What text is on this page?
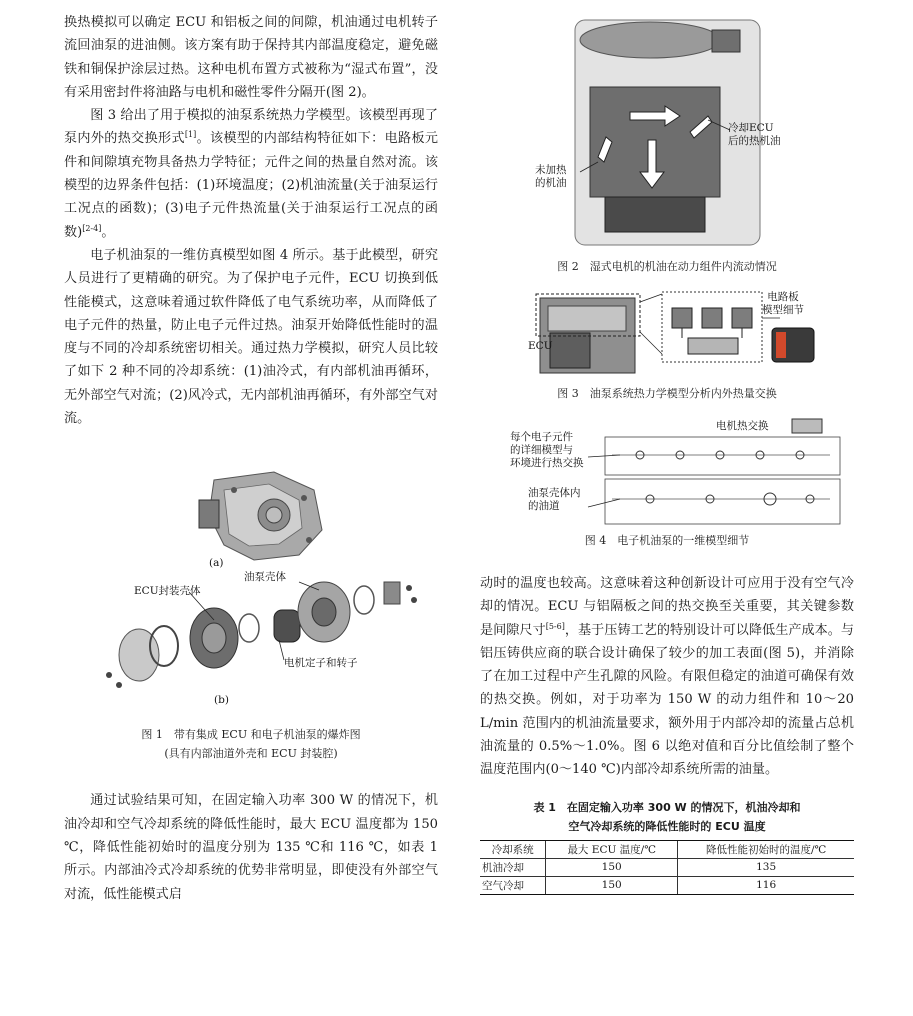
换热模拟可以确定 ECU 和铝板之间的间隙，机油通过电机转子流回油泵的进油侧。该方案有助于保持其内部温度稳定，避免磁铁和铜保护涂层过热。这种电机布置方式被称为“湿式布置”，没有采用密封件将油路与电机和磁性零件分隔开(图 2)。

图 3 给出了用于模拟的油泵系统热力学模型。该模型再现了泵内外的热交换形式[1]。该模型的内部结构特征如下：电路板元件和间隙填充物具备热力学特征；元件之间的热量自然对流。该模型的边界条件包括：(1)环境温度；(2)机油流量(关于油泵运行工况点的函数)；(3)电子元件热流量(关于油泵运行工况点的函数)[2-4]。

电子机油泵的一维仿真模型如图 4 所示。基于此模型，研究人员进行了更精确的研究。为了保护电子元件，ECU 切换到低性能模式，这意味着通过软件降低了电气系统功率，从而降低了电子元件的热量，防止电子元件过热。油泵开始降低性能时的温度与不同的冷却系统密切相关。通过热力学模拟，研究人员比较了如下 2 种不同的冷却系统：(1)油冷式，有内部机油再循环，无外部空气对流；(2)风冷式，无内部机油再循环，有外部空气对流。

(a)
油泵壳体
ECU封装壳体
电机定子和转子
(b)
图 1　带有集成 ECU 和电子机油泵的爆炸图
(具有内部油道外壳和 ECU 封装腔)

通过试验结果可知，在固定输入功率 300 W 的情况下，机油冷却和空气冷却系统的降低性能时，最大 ECU 温度都为 150 ℃，降低性能初始时的温度分别为 135 ℃和 116 ℃，如表 1 所示。内部油冷式冷却系统的优势非常明显，即使没有外部空气对流，低性能模式启

冷却ECU
后的热机油
未加热
的机油
图 2　湿式电机的机油在动力组件内流动情况
电路板
模型细节
ECU
图 3　油泵系统热力学模型分析内外热量交换
电机热交换
每个电子元件
的详细模型与
环境进行热交换
油泵壳体内
的油道
图 4　电子机油泵的一维模型细节

动时的温度也较高。这意味着这种创新设计可应用于没有空气冷却的情况。ECU 与铝隔板之间的热交换至关重要，其关键参数是间隙尺寸[5-6]，基于压铸工艺的特别设计可以降低生产成本。与铝压铸供应商的联合设计确保了较少的加工表面(图 5)，并消除了在加工过程中产生孔隙的风险。有限但稳定的油道可确保有效的热交换。例如，对于功率为 150 W 的动力组件和 10～20 L/min 范围内的机油流量要求，额外用于内部冷却的流量占总机油流量的 0.5%～1.0%。图 6 以绝对值和百分比值绘制了整个温度范围内(0～140 ℃)内部冷却系统所需的油量。

表 1　在固定输入功率 300 W 的情况下，机油冷却和
空气冷却系统的降低性能时的 ECU 温度
冷却系统	最大 ECU 温度/℃	降低性能初始时的温度/℃
机油冷却	150	135
空气冷却	150	116
